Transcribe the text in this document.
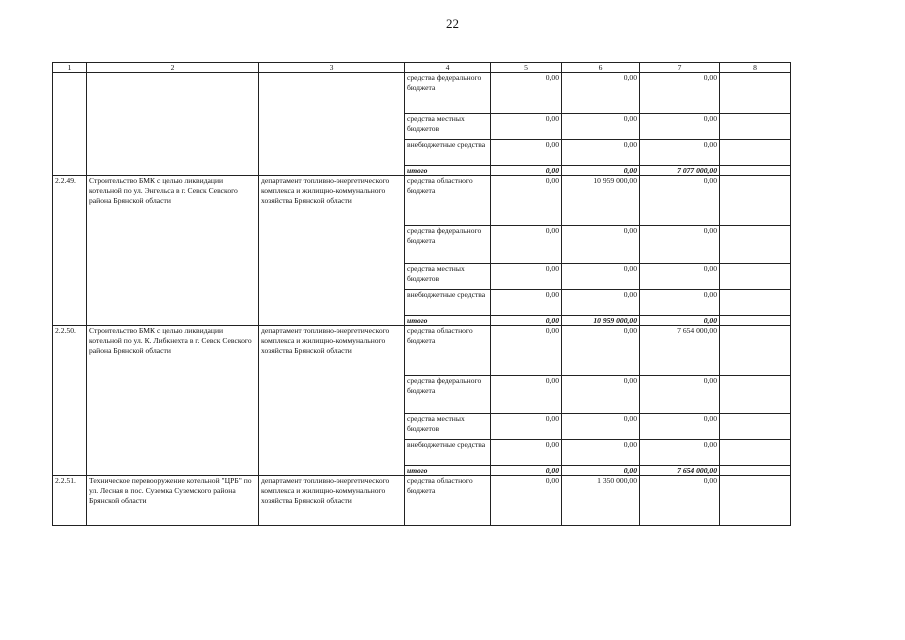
22
1	2	3	4	5	6	7	8
			средства федерального бюджета	0,00	0,00	0,00	
			средства местных бюджетов	0,00	0,00	0,00	
			внебюджетные средства	0,00	0,00	0,00	
			итого	0,00	0,00	7 077 000,00	
2.2.49.	Строительство БМК с целью ликвидации котельной по ул. Энгельса в г. Севск Севского района Брянской области	департамент топливно-энергетического комплекса и жилищно-коммунального хозяйства Брянской области	средства областного бюджета	0,00	10 959 000,00	0,00	
			средства федерального бюджета	0,00	0,00	0,00	
			средства местных бюджетов	0,00	0,00	0,00	
			внебюджетные средства	0,00	0,00	0,00	
			итого	0,00	10 959 000,00	0,00	
2.2.50.	Строительство БМК с целью ликвидации котельной по ул. К. Либкнехта в г. Севск Севского района Брянской области	департамент топливно-энергетического комплекса и жилищно-коммунального хозяйства Брянской области	средства областного бюджета	0,00	0,00	7 654 000,00	
			средства федерального бюджета	0,00	0,00	0,00	
			средства местных бюджетов	0,00	0,00	0,00	
			внебюджетные средства	0,00	0,00	0,00	
			итого	0,00	0,00	7 654 000,00	
2.2.51.	Техническое перевооружение котельной "ЦРБ" по ул. Лесная в пос. Суземка Суземского района Брянской области	департамент топливно-энергетического комплекса и жилищно-коммунального хозяйства Брянской области	средства областного бюджета	0,00	1 350 000,00	0,00	
